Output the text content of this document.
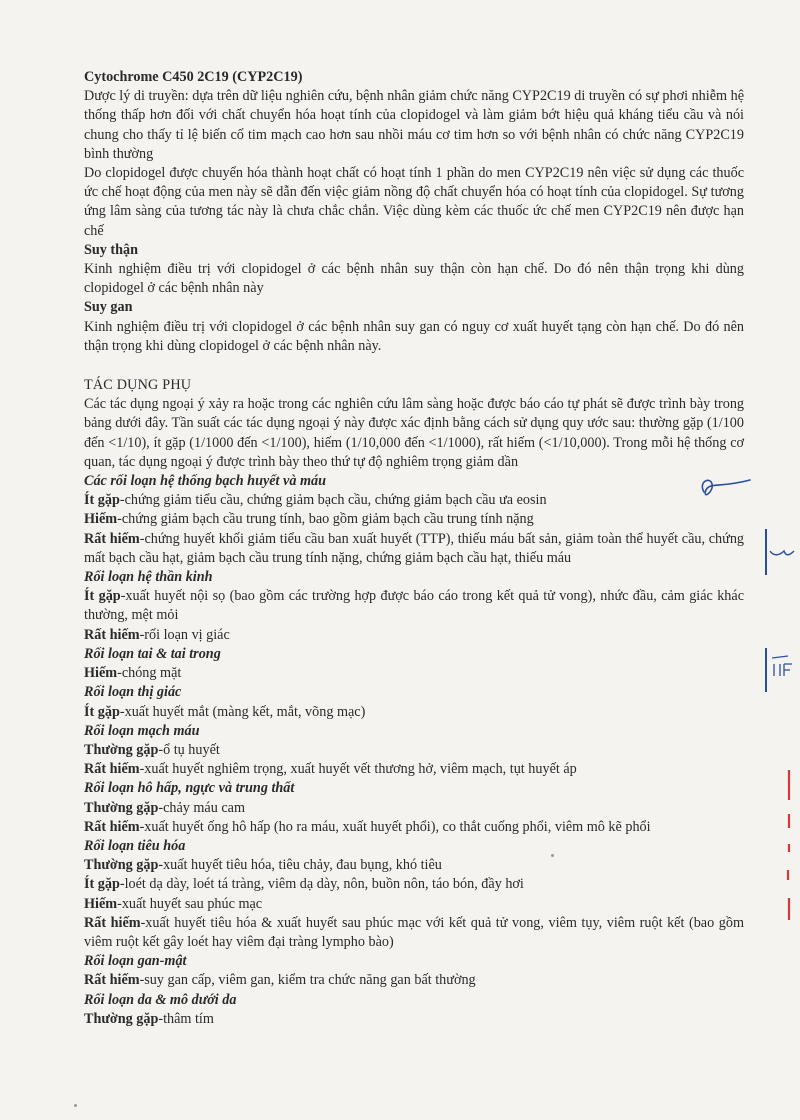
Cytochrome C450 2C19 (CYP2C19)
Dược lý di truyền: dựa trên dữ liệu nghiên cứu, bệnh nhân giảm chức năng CYP2C19 di truyền có sự phơi nhiễm hệ thống thấp hơn đối với chất chuyển hóa hoạt tính của clopidogel và làm giảm bớt hiệu quả kháng tiểu cầu và nói chung cho thấy tỉ lệ biến cố tim mạch cao hơn sau nhồi máu cơ tim hơn so với bệnh nhân có chức năng CYP2C19 bình thường
Do clopidogel được chuyển hóa thành hoạt chất có hoạt tính 1 phần do men CYP2C19 nên việc sử dụng các thuốc ức chế hoạt động của men này sẽ dẫn đến việc giảm nồng độ chất chuyển hóa có hoạt tính của clopidogel. Sự tương ứng lâm sàng của tương tác này là chưa chắc chắn. Việc dùng kèm các thuốc ức chế men CYP2C19 nên được hạn chế
Suy thận
Kinh nghiệm điều trị với clopidogel ở các bệnh nhân suy thận còn hạn chế. Do đó nên thận trọng khi dùng clopidogel ở các bệnh nhân này
Suy gan
Kinh nghiệm điều trị với clopidogel ở các bệnh nhân suy gan có nguy cơ xuất huyết tạng còn hạn chế. Do đó nên thận trọng khi dùng clopidogel ở các bệnh nhân này.
TÁC DỤNG PHỤ
Các tác dụng ngoại ý xảy ra hoặc trong các nghiên cứu lâm sàng hoặc được báo cáo tự phát sẽ được trình bày trong bảng dưới đây. Tần suất các tác dụng ngoại ý này được xác định bằng cách sử dụng quy ước sau: thường gặp (1/100 đến <1/10), ít gặp (1/1000 đến <1/100), hiếm (1/10,000 đến <1/1000), rất hiếm (<1/10,000). Trong mỗi hệ thống cơ quan, tác dụng ngoại ý được trình bày theo thứ tự độ nghiêm trọng giảm dần
Các rối loạn hệ thống bạch huyết và máu
Ít gặp-chứng giảm tiểu cầu, chứng giảm bạch cầu, chứng giảm bạch cầu ưa eosin
Hiếm-chứng giảm bạch cầu trung tính, bao gồm giảm bạch cầu trung tính nặng
Rất hiếm-chứng huyết khối giảm tiểu cầu ban xuất huyết (TTP), thiếu máu bất sản, giảm toàn thể huyết cầu, chứng mất bạch cầu hạt, giảm bạch cầu trung tính nặng, chứng giảm bạch cầu hạt, thiếu máu
Rối loạn hệ thần kinh
Ít gặp-xuất huyết nội sọ (bao gồm các trường hợp được báo cáo trong kết quả tử vong), nhức đầu, cảm giác khác thường, mệt mỏi
Rất hiếm-rối loạn vị giác
Rối loạn tai & tai trong
Hiếm-chóng mặt
Rối loạn thị giác
Ít gặp-xuất huyết mắt (màng kết, mắt, võng mạc)
Rối loạn mạch máu
Thường gặp-ổ tụ huyết
Rất hiếm-xuất huyết nghiêm trọng, xuất huyết vết thương hở, viêm mạch, tụt huyết áp
Rối loạn hô hấp, ngực và trung thất
Thường gặp-chảy máu cam
Rất hiếm-xuất huyết ống hô hấp (ho ra máu, xuất huyết phổi), co thắt cuống phổi, viêm mô kẽ phổi
Rối loạn tiêu hóa
Thường gặp-xuất huyết tiêu hóa, tiêu chảy, đau bụng, khó tiêu
Ít gặp-loét dạ dày, loét tá tràng, viêm dạ dày, nôn, buồn nôn, táo bón, đầy hơi
Hiếm-xuất huyết sau phúc mạc
Rất hiếm-xuất huyết tiêu hóa & xuất huyết sau phúc mạc với kết quả tử vong, viêm tụy, viêm ruột kết (bao gồm viêm ruột kết gây loét hay viêm đại tràng lympho bào)
Rối loạn gan-mật
Rất hiếm-suy gan cấp, viêm gan, kiểm tra chức năng gan bất thường
Rối loạn da & mô dưới da
Thường gặp-thâm tím
